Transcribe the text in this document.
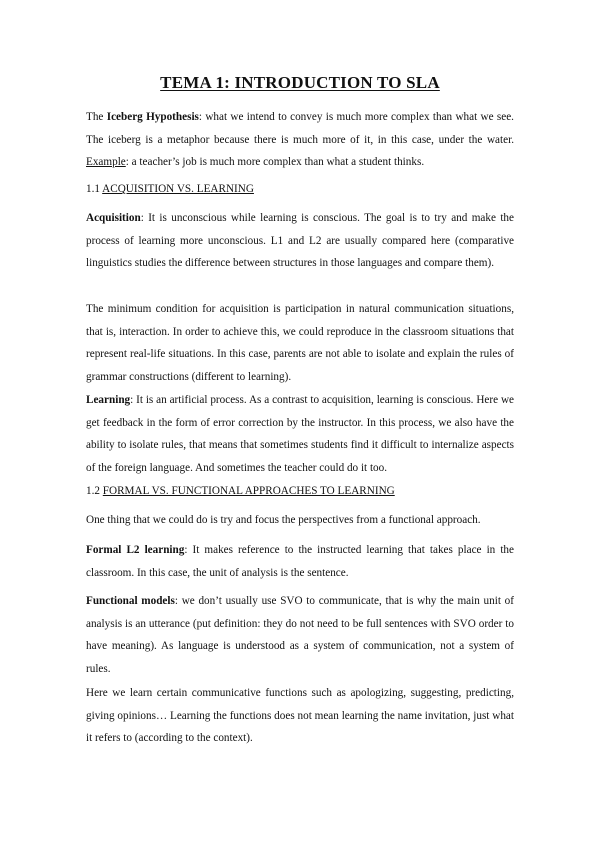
TEMA 1: INTRODUCTION TO SLA

The Iceberg Hypothesis: what we intend to convey is much more complex than what we see. The iceberg is a metaphor because there is much more of it, in this case, under the water. Example: a teacher’s job is much more complex than what a student thinks.

1.1 ACQUISITION VS. LEARNING

Acquisition: It is unconscious while learning is conscious. The goal is to try and make the process of learning more unconscious. L1 and L2 are usually compared here (comparative linguistics studies the difference between structures in those languages and compare them).

The minimum condition for acquisition is participation in natural communication situations, that is, interaction. In order to achieve this, we could reproduce in the classroom situations that represent real-life situations. In this case, parents are not able to isolate and explain the rules of grammar constructions (different to learning).

Learning: It is an artificial process. As a contrast to acquisition, learning is conscious. Here we get feedback in the form of error correction by the instructor. In this process, we also have the ability to isolate rules, that means that sometimes students find it difficult to internalize aspects of the foreign language. And sometimes the teacher could do it too.

1.2 FORMAL VS. FUNCTIONAL APPROACHES TO LEARNING

One thing that we could do is try and focus the perspectives from a functional approach.

Formal L2 learning: It makes reference to the instructed learning that takes place in the classroom. In this case, the unit of analysis is the sentence.

Functional models: we don’t usually use SVO to communicate, that is why the main unit of analysis is an utterance (put definition: they do not need to be full sentences with SVO order to have meaning). As language is understood as a system of communication, not a system of rules.

Here we learn certain communicative functions such as apologizing, suggesting, predicting, giving opinions… Learning the functions does not mean learning the name invitation, just what it refers to (according to the context).
